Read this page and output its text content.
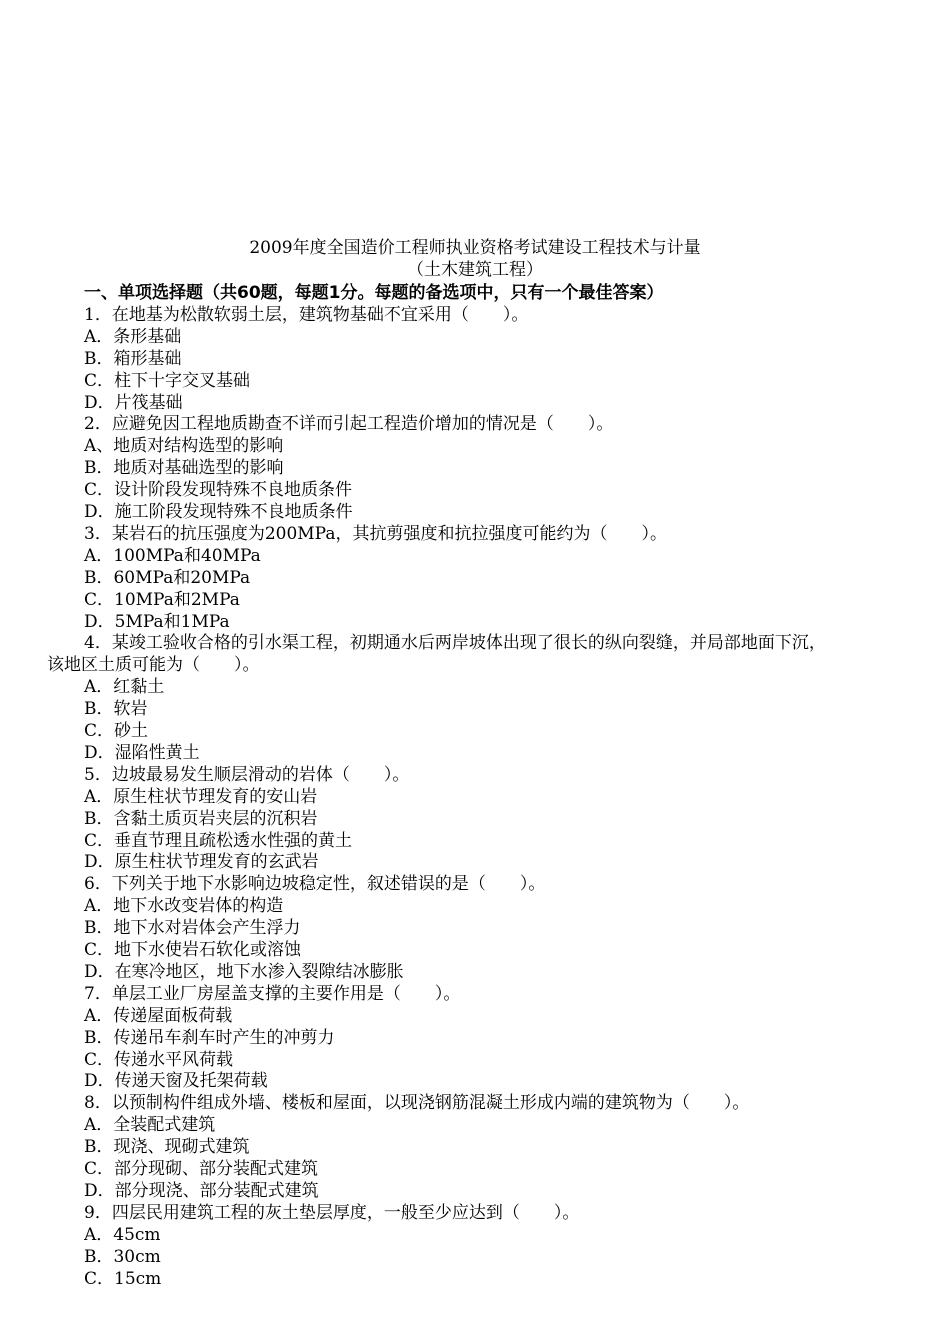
2009年度全国造价工程师执业资格考试建设工程技术与计量
（土木建筑工程）
一、单项选择题（共60题，每题1分。每题的备选项中，只有一个最佳答案）
1．在地基为松散软弱土层，建筑物基础不宜采用（　　）。
A．条形基础
B．箱形基础
C．柱下十字交叉基础
D．片筏基础
2．应避免因工程地质勘查不详而引起工程造价增加的情况是（　　）。
A、地质对结构选型的影响
B．地质对基础选型的影响
C．设计阶段发现特殊不良地质条件
D．施工阶段发现特殊不良地质条件
3．某岩石的抗压强度为200MPa，其抗剪强度和抗拉强度可能约为（　　）。
A．100MPa和40MPa
B．60MPa和20MPa
C．10MPa和2MPa
D．5MPa和1MPa
4．某竣工验收合格的引水渠工程，初期通水后两岸坡体出现了很长的纵向裂缝，并局部地面下沉，
该地区土质可能为（　　）。
A．红黏土
B．软岩
C．砂土
D．湿陷性黄土
5．边坡最易发生顺层滑动的岩体（　　）。
A．原生柱状节理发育的安山岩
B．含黏土质页岩夹层的沉积岩
C．垂直节理且疏松透水性强的黄土
D．原生柱状节理发育的玄武岩
6．下列关于地下水影响边坡稳定性，叙述错误的是（　　）。
A．地下水改变岩体的构造
B．地下水对岩体会产生浮力
C．地下水使岩石软化或溶蚀
D．在寒冷地区，地下水渗入裂隙结冰膨胀
7．单层工业厂房屋盖支撑的主要作用是（　　）。
A．传递屋面板荷载
B．传递吊车刹车时产生的冲剪力
C．传递水平风荷载
D．传递天窗及托架荷载
8．以预制构件组成外墙、楼板和屋面，以现浇钢筋混凝土形成内端的建筑物为（　　）。
A．全装配式建筑
B．现浇、现砌式建筑
C．部分现砌、部分装配式建筑
D．部分现浇、部分装配式建筑
9．四层民用建筑工程的灰土垫层厚度，一般至少应达到（　　）。
A．45cm
B．30cm
C．15cm
